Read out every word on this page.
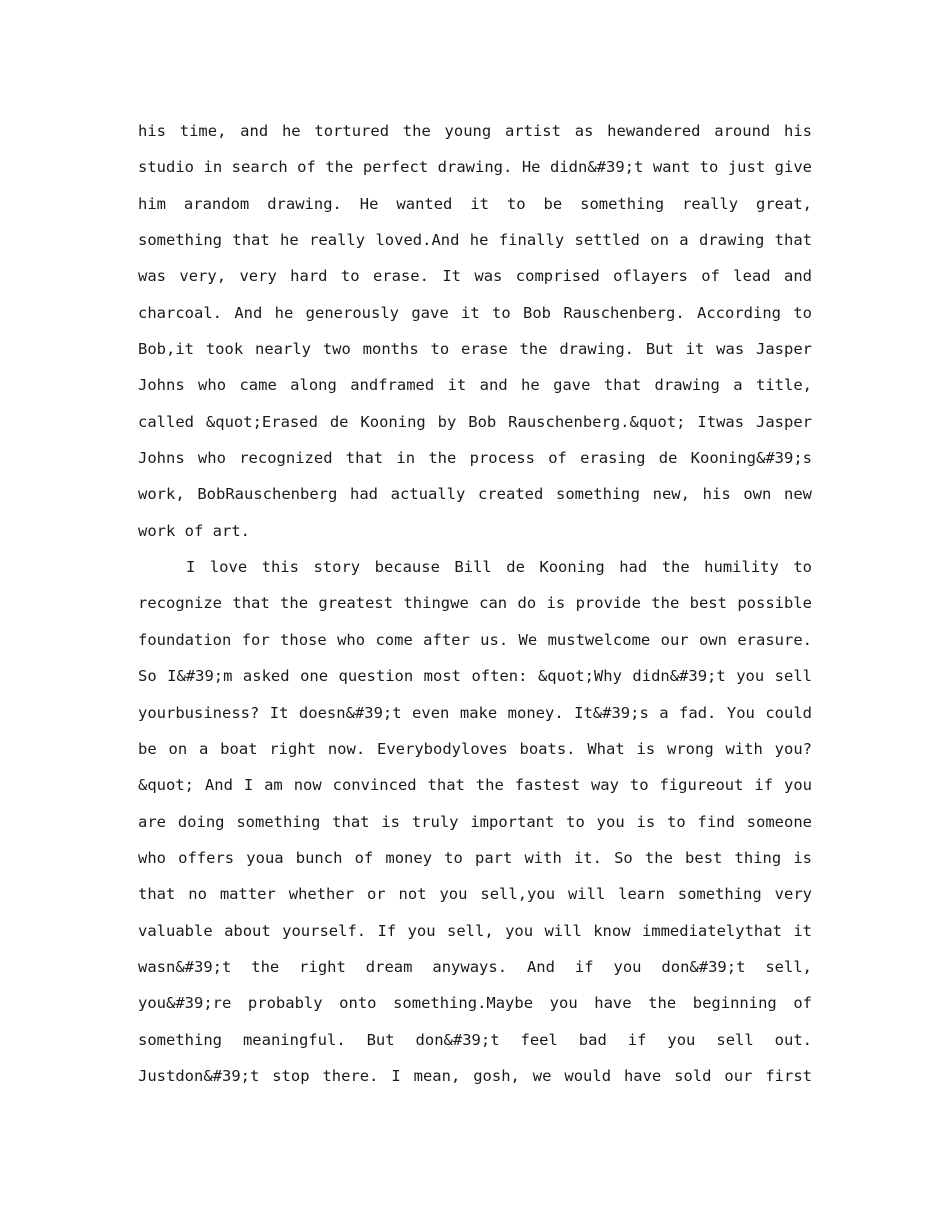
his time, and he tortured the young artist as hewandered around his
studio in search of the perfect drawing. He didn&#39;t want to just give
him arandom drawing. He wanted it to be something really great,
something that he really loved.And he finally settled on a drawing that
was very, very hard to erase. It was comprised oflayers of lead and
charcoal. And he generously gave it to Bob Rauschenberg. According to
Bob,it took nearly two months to erase the drawing. But it was Jasper
Johns who came along andframed it and he gave that drawing a title,
called &quot;Erased de Kooning by Bob Rauschenberg.&quot; Itwas Jasper
Johns who recognized that in the process of erasing de Kooning&#39;s
work, BobRauschenberg had actually created something new, his own new
work of art.
I love this story because Bill de Kooning had the humility to
recognize that the greatest thingwe can do is provide the best possible
foundation for those who come after us. We mustwelcome our own erasure.
So I&#39;m asked one question most often: &quot;Why didn&#39;t you sell
yourbusiness? It doesn&#39;t even make money. It&#39;s a fad. You could
be on a boat right now. Everybodyloves boats. What is wrong with you?
&quot; And I am now convinced that the fastest way to figureout if you
are doing something that is truly important to you is to find someone
who offers youa bunch of money to part with it. So the best thing is
that no matter whether or not you sell,you will learn something very
valuable about yourself. If you sell, you will know immediatelythat it
wasn&#39;t the right dream anyways. And if you don&#39;t sell,
you&#39;re probably onto something.Maybe you have the beginning of
something meaningful. But don&#39;t feel bad if you sell out.
Justdon&#39;t stop there. I mean, gosh, we would have sold our first
